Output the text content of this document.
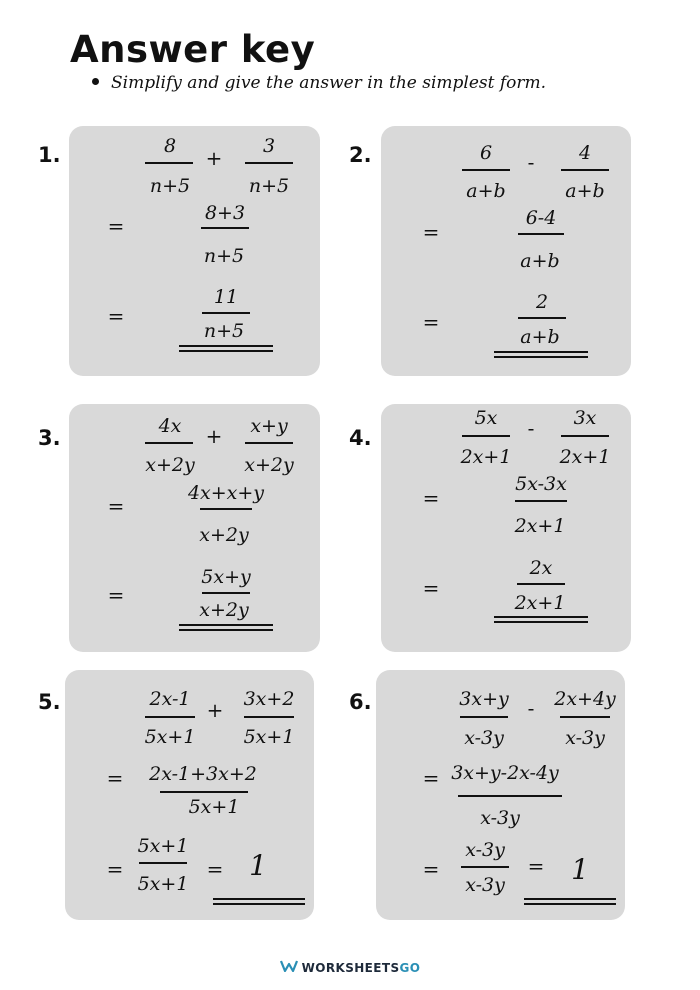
Answer key
Simplify and give the answer in the simplest form.
1.	8
n+5
+ 3
n+5
=
8+3
n+5
=
11
n+5
2.	6
a+b
- 4
a+b
=
6-4
a+b
=
2
a+b
3.	4x
x+2y
+ x+y
x+2y
=
4x+x+y
x+2y
=
5x+y
x+2y
4.
5x
2x+1
- 3x
2x+1
=
5x-3x
2x+1
=
2x
2x+1
5.	2x-1
5x+1
+ 3x+2
5x+1
= 2x-1+3x+2
5x+1
=
5x+1
5x+1
= 1
6.	3x+y
x-3y
- 2x+4y
x-3y
= 3x+y-2x-4y
x-3y
=
x-3y
x-3y
= 1
WORKSHEETSGO
